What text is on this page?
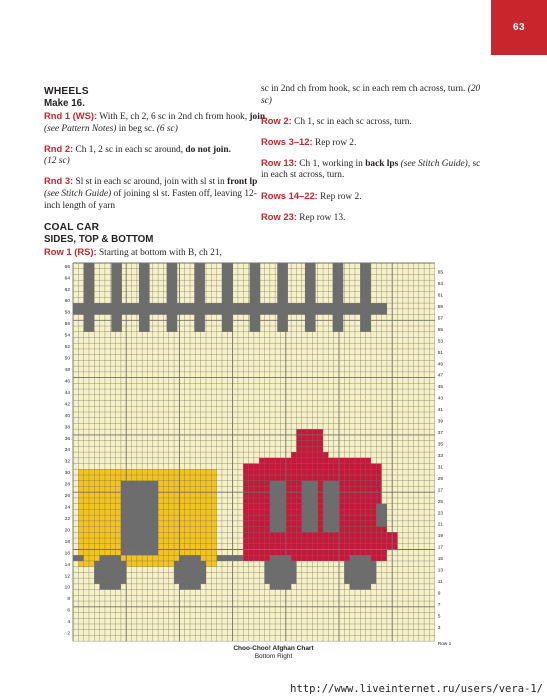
63
WHEELS
Make 16.
Rnd 1 (WS): With E, ch 2, 6 sc in 2nd ch from hook, join (see Pattern Notes) in beg sc. (6 sc)
Rnd 2: Ch 1, 2 sc in each sc around, do not join.
(12 sc)
Rnd 3: Sl st in each sc around, join with sl st in front lp (see Stitch Guide) of joining sl st. Fasten off, leaving 12-inch length of yarn
COAL CAR
SIDES, TOP & BOTTOM
Row 1 (RS): Starting at bottom with B, ch 21,
sc in 2nd ch from hook, sc in each rem ch across, turn. (20 sc)
Row 2: Ch 1, sc in each sc across, turn.
Rows 3–12: Rep row 2.
Row 13: Ch 1, working in back lps (see Stitch Guide), sc in each st across, turn.
Rows 14–22: Rep row 2.
Row 23: Rep row 13.
66
64
62
60
58
56
54
52
50
48
46
44
42
40
38
36
34
32
30
28
26
24
22
20
18
16
14
12
10
8
6
4
2
65
63
61
59
57
55
53
51
49
47
45
43
41
39
37
35
33
31
29
27
25
23
21
19
17
15
13
11
9
7
5
3
Row 1
Choo-Choo! Afghan Chart
Bottom Right
http://www.liveinternet.ru/users/vera-1/
